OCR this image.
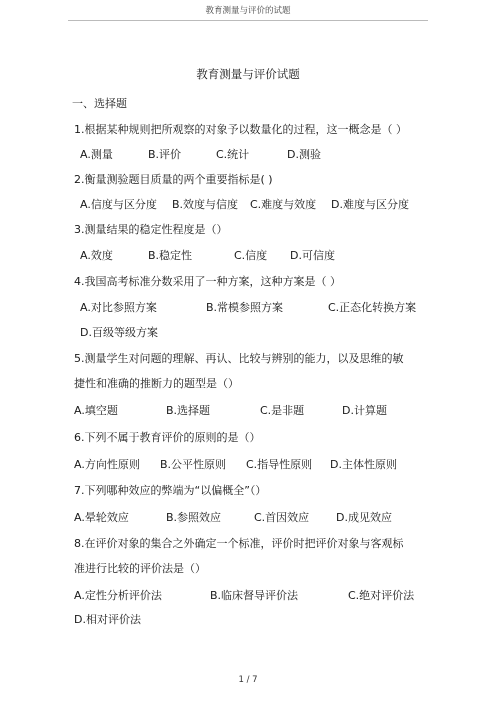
教育测量与评价的试题
教育测量与评价试题
一、选择题
1.根据某种规则把所观察的对象予以数量化的过程，这一概念是（ ）
A.测量	B.评价	C.统计	D.测验
2.衡量测验题目质量的两个重要指标是( )
A.信度与区分度 B.效度与信度 C.难度与效度 D.难度与区分度
3.测量结果的稳定性程度是（）
A.效度	B.稳定性	C.信度 D.可信度
4.我国高考标准分数采用了一种方案，这种方案是（ ）
A.对比参照方案	B.常模参照方案	C.正态化转换方案
D.百级等级方案
5.测量学生对问题的理解、再认、比较与辨别的能力，以及思维的敏
捷性和准确的推断力的题型是（）
A.填空题	B.选择题	C.是非题	D.计算题
6.下列不属于教育评价的原则的是（）
A.方向性原则 B.公平性原则 C.指导性原则 D.主体性原则
7.下列哪种效应的弊端为“以偏概全”（）
A.晕轮效应	B.参照效应	C.首因效应 D.成见效应
8.在评价对象的集合之外确定一个标准，评价时把评价对象与客观标
准进行比较的评价法是（）
A.定性分析评价法	B.临床督导评价法	C.绝对评价法
D.相对评价法
1 / 7
